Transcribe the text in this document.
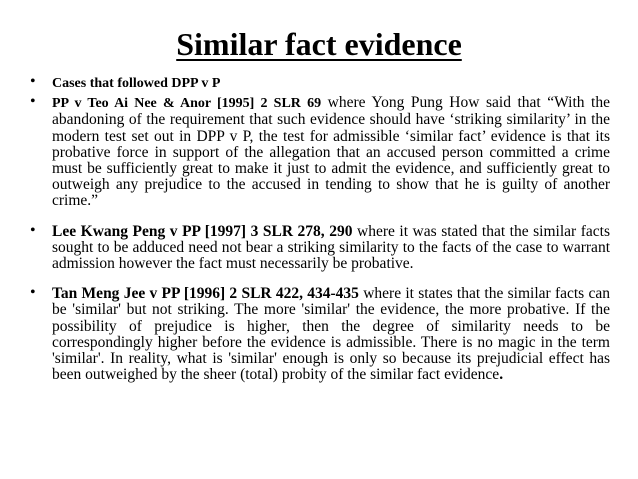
Similar fact evidence
• Cases that followed DPP v P
• PP v Teo Ai Nee & Anor [1995] 2 SLR 69 where Yong Pung How said that “With the abandoning of the requirement that such evidence should have ‘striking similarity’ in the modern test set out in DPP v P, the test for admissible ‘similar fact’ evidence is that its probative force in support of the allegation that an accused person committed a crime must be sufficiently great to make it just to admit the evidence, and sufficiently great to outweigh any prejudice to the accused in tending to show that he is guilty of another crime.”
• Lee Kwang Peng v PP [1997] 3 SLR 278, 290 where it was stated that the similar facts sought to be adduced need not bear a striking similarity to the facts of the case to warrant admission however the fact must necessarily be probative.
• Tan Meng Jee v PP [1996] 2 SLR 422, 434-435 where it states that the similar facts can be 'similar' but not striking. The more 'similar' the evidence, the more probative. If the possibility of prejudice is higher, then the degree of similarity needs to be correspondingly higher before the evidence is admissible. There is no magic in the term 'similar'. In reality, what is 'similar' enough is only so because its prejudicial effect has been outweighed by the sheer (total) probity of the similar fact evidence.
